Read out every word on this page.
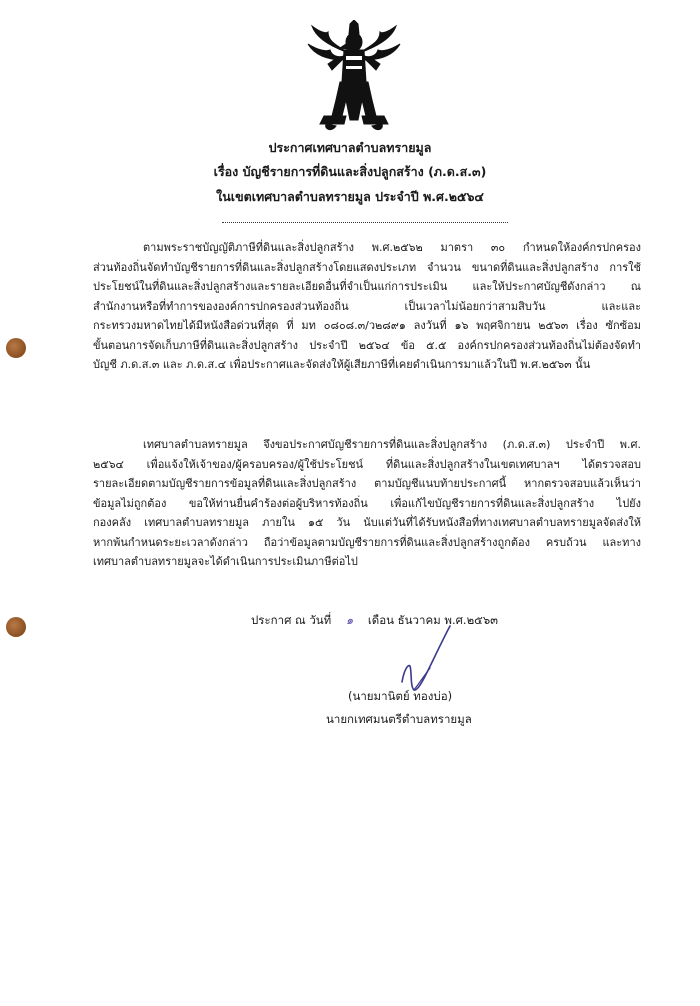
ประกาศเทศบาลตำบลทรายมูล
เรื่อง บัญชีรายการที่ดินและสิ่งปลูกสร้าง (ภ.ด.ส.๓)
ในเขตเทศบาลตำบลทรายมูล ประจำปี พ.ศ.๒๕๖๔
ตามพระราชบัญญัติภาษีที่ดินและสิ่งปลูกสร้าง พ.ศ.๒๕๖๒ มาตรา ๓๐ กำหนดให้องค์กรปกครอง
ส่วนท้องถิ่นจัดทำบัญชีรายการที่ดินและสิ่งปลูกสร้างโดยแสดงประเภท จำนวน ขนาดที่ดินและสิ่งปลูกสร้าง การใช้
ประโยชน์ในที่ดินและสิ่งปลูกสร้างและรายละเอียดอื่นที่จำเป็นแก่การประเมิน และให้ประกาศบัญชีดังกล่าว ณ
สำนักงานหรือที่ทำการขององค์การปกครองส่วนท้องถิ่น เป็นเวลาไม่น้อยกว่าสามสิบวัน และและ
กระทรวงมหาดไทยได้มีหนังสือด่วนที่สุด ที่ มท ๐๘๐๘.๓/ว๒๘๙๑ ลงวันที่ ๑๖ พฤศจิกายน ๒๕๖๓ เรื่อง ซักซ้อม
ขั้นตอนการจัดเก็บภาษีที่ดินและสิ่งปลูกสร้าง ประจำปี ๒๕๖๔ ข้อ ๕.๕ องค์กรปกครองส่วนท้องถิ่นไม่ต้องจัดทำ
บัญชี ภ.ด.ส.๓ และ ภ.ด.ส.๔ เพื่อประกาศและจัดส่งให้ผู้เสียภาษีที่เคยดำเนินการมาแล้วในปี พ.ศ.๒๕๖๓ นั้น
เทศบาลตำบลทรายมูล จึงขอประกาศบัญชีรายการที่ดินและสิ่งปลูกสร้าง (ภ.ด.ส.๓) ประจำปี พ.ศ.
๒๕๖๔ เพื่อแจ้งให้เจ้าของ/ผู้ครอบครอง/ผู้ใช้ประโยชน์ ที่ดินและสิ่งปลูกสร้างในเขตเทศบาลฯ ได้ตรวจสอบ
รายละเอียดตามบัญชีรายการข้อมูลที่ดินและสิ่งปลูกสร้าง ตามบัญชีแนบท้ายประกาศนี้ หากตรวจสอบแล้วเห็นว่า
ข้อมูลไม่ถูกต้อง ขอให้ท่านยื่นคำร้องต่อผู้บริหารท้องถิ่น เพื่อแก้ไขบัญชีรายการที่ดินและสิ่งปลูกสร้าง ไปยัง
กองคลัง เทศบาลตำบลทรายมูล ภายใน ๑๕ วัน นับแต่วันที่ได้รับหนังสือที่ทางเทศบาลตำบลทรายมูลจัดส่งให้
หากพ้นกำหนดระยะเวลาดังกล่าว ถือว่าข้อมูลตามบัญชีรายการที่ดินและสิ่งปลูกสร้างถูกต้อง ครบถ้วน และทาง
เทศบาลตำบลทรายมูลจะได้ดำเนินการประเมินภาษีต่อไป
ประกาศ ณ วันที่ ๑ เดือน ธันวาคม พ.ศ.๒๕๖๓
(นายมานิตย์ ทองบ่อ)
นายกเทศมนตรีตำบลทรายมูล
